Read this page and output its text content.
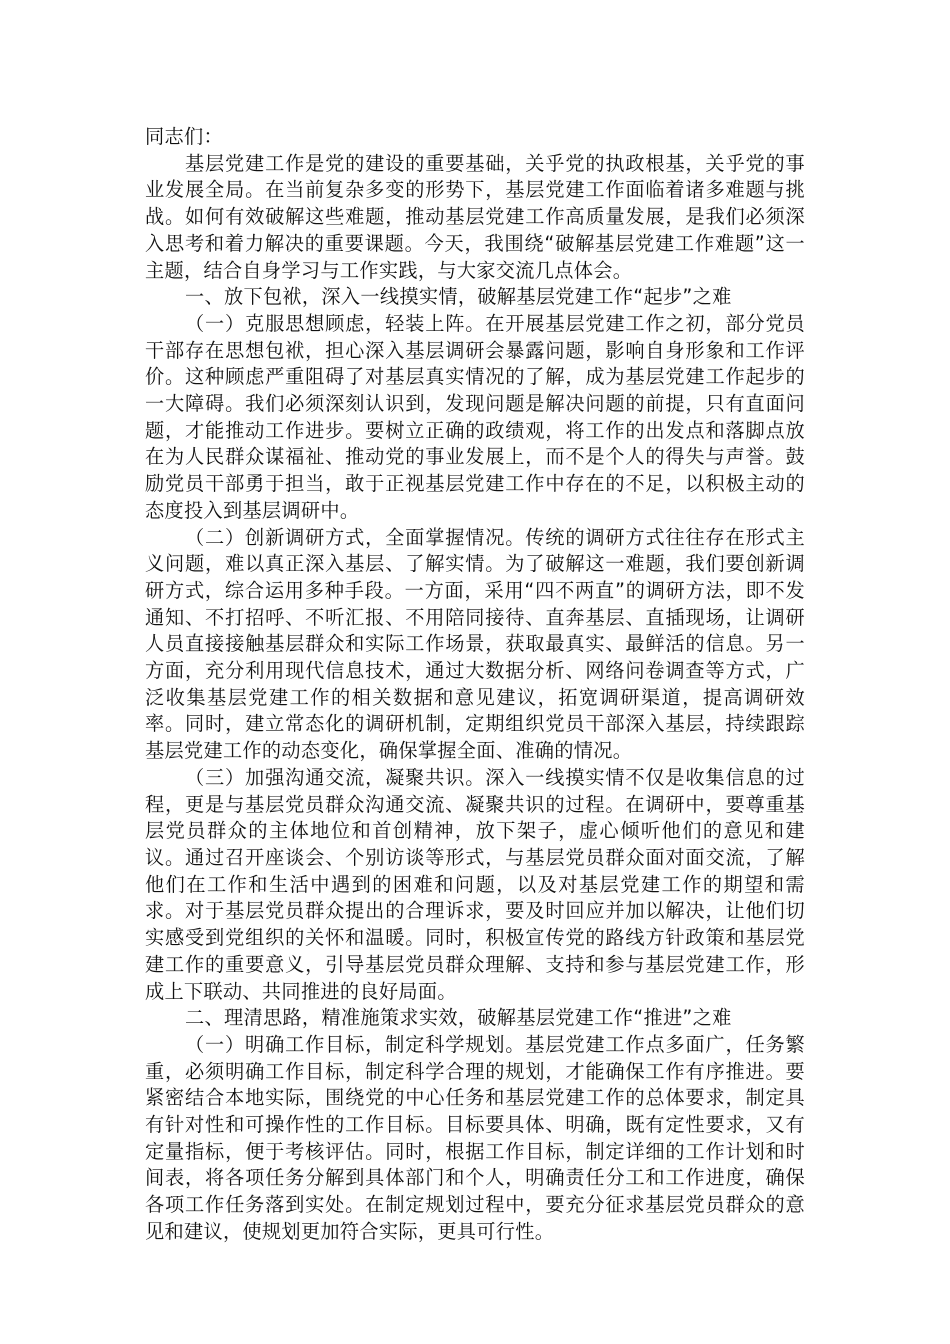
同志们：

基层党建工作是党的建设的重要基础，关乎党的执政根基，关乎党的事业发展全局。在当前复杂多变的形势下，基层党建工作面临着诸多难题与挑战。如何有效破解这些难题，推动基层党建工作高质量发展，是我们必须深入思考和着力解决的重要课题。今天，我围绕“破解基层党建工作难题”这一主题，结合自身学习与工作实践，与大家交流几点体会。

一、放下包袱，深入一线摸实情，破解基层党建工作“起步”之难

（一）克服思想顾虑，轻装上阵。在开展基层党建工作之初，部分党员干部存在思想包袱，担心深入基层调研会暴露问题，影响自身形象和工作评价。这种顾虑严重阻碍了对基层真实情况的了解，成为基层党建工作起步的一大障碍。我们必须深刻认识到，发现问题是解决问题的前提，只有直面问题，才能推动工作进步。要树立正确的政绩观，将工作的出发点和落脚点放在为人民群众谋福祉、推动党的事业发展上，而不是个人的得失与声誉。鼓励党员干部勇于担当，敢于正视基层党建工作中存在的不足，以积极主动的态度投入到基层调研中。

（二）创新调研方式，全面掌握情况。传统的调研方式往往存在形式主义问题，难以真正深入基层、了解实情。为了破解这一难题，我们要创新调研方式，综合运用多种手段。一方面，采用“四不两直”的调研方法，即不发通知、不打招呼、不听汇报、不用陪同接待、直奔基层、直插现场，让调研人员直接接触基层群众和实际工作场景，获取最真实、最鲜活的信息。另一方面，充分利用现代信息技术，通过大数据分析、网络问卷调查等方式，广泛收集基层党建工作的相关数据和意见建议，拓宽调研渠道，提高调研效率。同时，建立常态化的调研机制，定期组织党员干部深入基层，持续跟踪基层党建工作的动态变化，确保掌握全面、准确的情况。

（三）加强沟通交流，凝聚共识。深入一线摸实情不仅是收集信息的过程，更是与基层党员群众沟通交流、凝聚共识的过程。在调研中，要尊重基层党员群众的主体地位和首创精神，放下架子，虚心倾听他们的意见和建议。通过召开座谈会、个别访谈等形式，与基层党员群众面对面交流，了解他们在工作和生活中遇到的困难和问题，以及对基层党建工作的期望和需求。对于基层党员群众提出的合理诉求，要及时回应并加以解决，让他们切实感受到党组织的关怀和温暖。同时，积极宣传党的路线方针政策和基层党建工作的重要意义，引导基层党员群众理解、支持和参与基层党建工作，形成上下联动、共同推进的良好局面。

二、理清思路，精准施策求实效，破解基层党建工作“推进”之难

（一）明确工作目标，制定科学规划。基层党建工作点多面广，任务繁重，必须明确工作目标，制定科学合理的规划，才能确保工作有序推进。要紧密结合本地实际，围绕党的中心任务和基层党建工作的总体要求，制定具有针对性和可操作性的工作目标。目标要具体、明确，既有定性要求，又有定量指标，便于考核评估。同时，根据工作目标，制定详细的工作计划和时间表，将各项任务分解到具体部门和个人，明确责任分工和工作进度，确保各项工作任务落到实处。在制定规划过程中，要充分征求基层党员群众的意见和建议，使规划更加符合实际，更具可行性。
